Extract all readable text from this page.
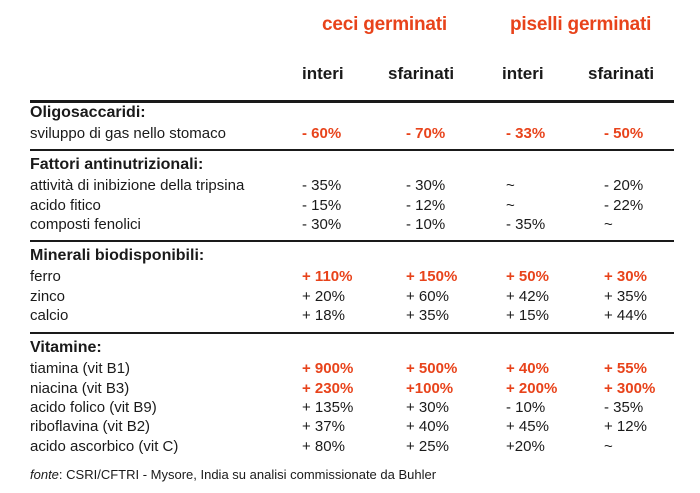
ceci germinati	piselli germinati
interi	sfarinati	interi	sfarinati
Oligosaccaridi:
sviluppo di gas nello stomaco	- 60%	- 70%	- 33%	- 50%
Fattori antinutrizionali:
attività di inibizione della tripsina	- 35%	- 30%	~	- 20%
acido fitico	- 15%	- 12%	~	- 22%
composti fenolici	- 30%	- 10%	- 35%	~
Minerali biodisponibili:
ferro	+ 110%	+ 150%	+ 50%	+ 30%
zinco	+ 20%	+ 60%	+ 42%	+ 35%
calcio	+ 18%	+ 35%	+ 15%	+ 44%
Vitamine:
tiamina (vit B1)	+ 900%	+ 500%	+ 40%	+ 55%
niacina (vit B3)	+ 230%	+100%	+ 200%	+ 300%
acido folico (vit B9)	+ 135%	+ 30%	- 10%	- 35%
riboflavina (vit B2)	+ 37%	+ 40%	+ 45%	+ 12%
acido ascorbico (vit C)	+ 80%	+ 25%	+20%	~
fonte: CSRI/CFTRI - Mysore, India su analisi commissionate da Buhler
